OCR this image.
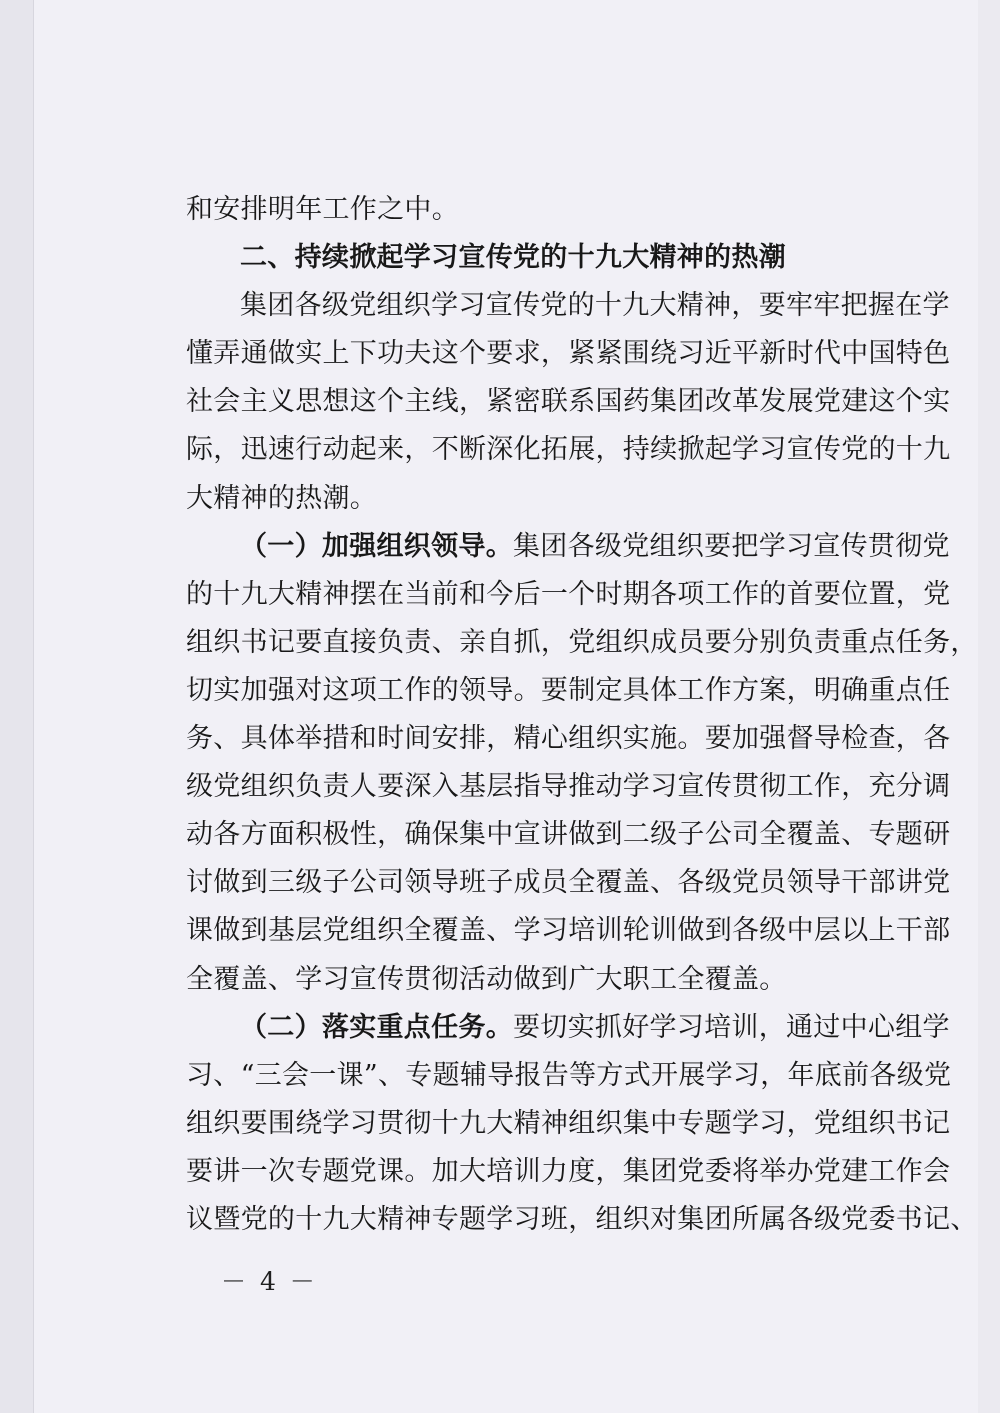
和安排明年工作之中。
二、持续掀起学习宣传党的十九大精神的热潮
集团各级党组织学习宣传党的十九大精神，要牢牢把握在学
懂弄通做实上下功夫这个要求，紧紧围绕习近平新时代中国特色
社会主义思想这个主线，紧密联系国药集团改革发展党建这个实
际，迅速行动起来，不断深化拓展，持续掀起学习宣传党的十九
大精神的热潮。
（一）加强组织领导。集团各级党组织要把学习宣传贯彻党
的十九大精神摆在当前和今后一个时期各项工作的首要位置，党
组织书记要直接负责、亲自抓，党组织成员要分别负责重点任务，
切实加强对这项工作的领导。要制定具体工作方案，明确重点任
务、具体举措和时间安排，精心组织实施。要加强督导检查，各
级党组织负责人要深入基层指导推动学习宣传贯彻工作，充分调
动各方面积极性，确保集中宣讲做到二级子公司全覆盖、专题研
讨做到三级子公司领导班子成员全覆盖、各级党员领导干部讲党
课做到基层党组织全覆盖、学习培训轮训做到各级中层以上干部
全覆盖、学习宣传贯彻活动做到广大职工全覆盖。
（二）落实重点任务。要切实抓好学习培训，通过中心组学
习、“三会一课”、专题辅导报告等方式开展学习，年底前各级党
组织要围绕学习贯彻十九大精神组织集中专题学习，党组织书记
要讲一次专题党课。加大培训力度，集团党委将举办党建工作会
议暨党的十九大精神专题学习班，组织对集团所属各级党委书记、
－ 4 －
